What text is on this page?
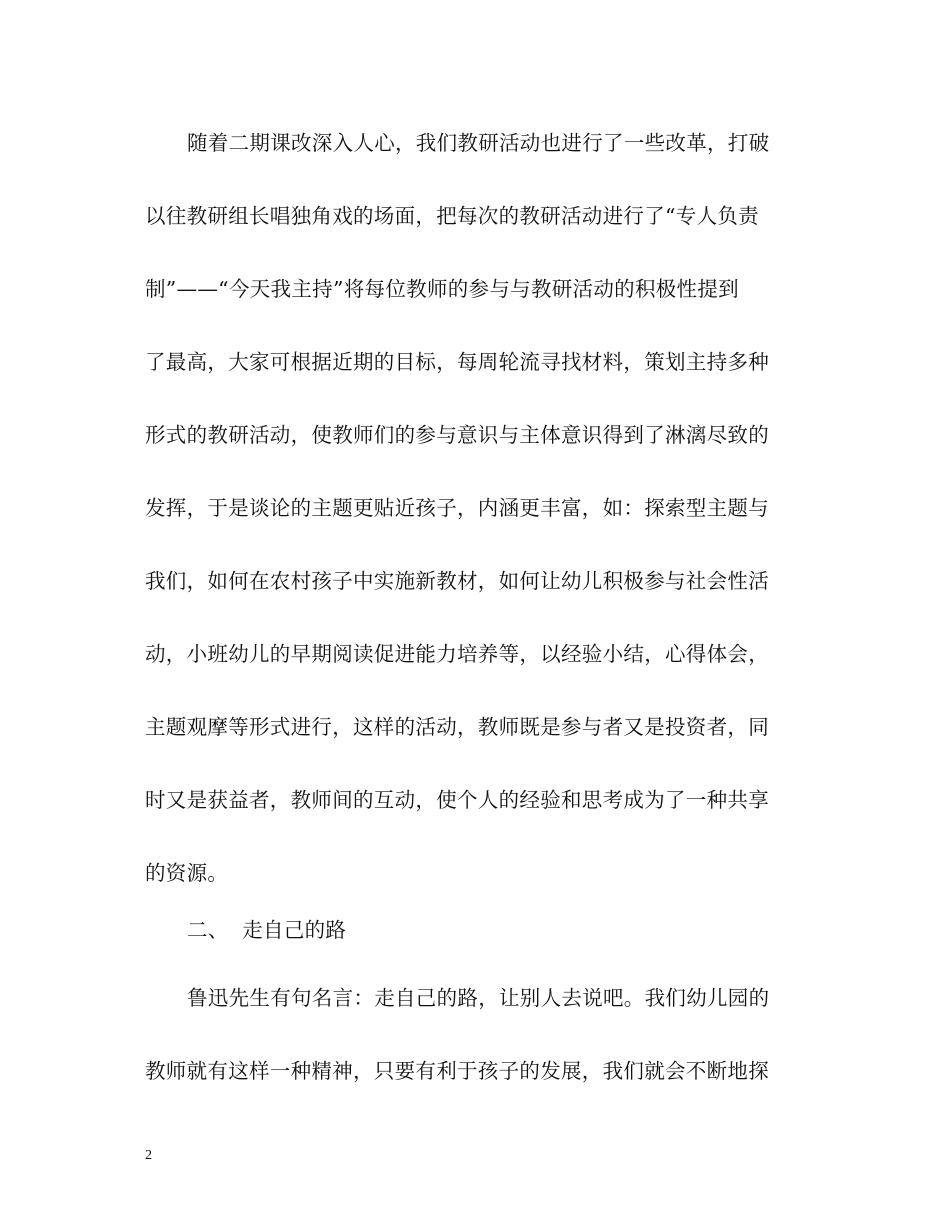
随着二期课改深入人心，我们教研活动也进行了一些改革，打破
以往教研组长唱独角戏的场面，把每次的教研活动进行了“专人负责
制”——“今天我主持”将每位教师的参与与教研活动的积极性提到
了最高，大家可根据近期的目标，每周轮流寻找材料，策划主持多种
形式的教研活动，使教师们的参与意识与主体意识得到了淋漓尽致的
发挥，于是谈论的主题更贴近孩子，内涵更丰富，如：探索型主题与
我们，如何在农村孩子中实施新教材，如何让幼儿积极参与社会性活
动，小班幼儿的早期阅读促进能力培养等，以经验小结，心得体会，
主题观摩等形式进行，这样的活动，教师既是参与者又是投资者，同
时又是获益者，教师间的互动，使个人的经验和思考成为了一种共享
的资源。
二、  走自己的路
鲁迅先生有句名言：走自己的路，让别人去说吧。我们幼儿园的
教师就有这样一种精神，只要有利于孩子的发展，我们就会不断地探
2
